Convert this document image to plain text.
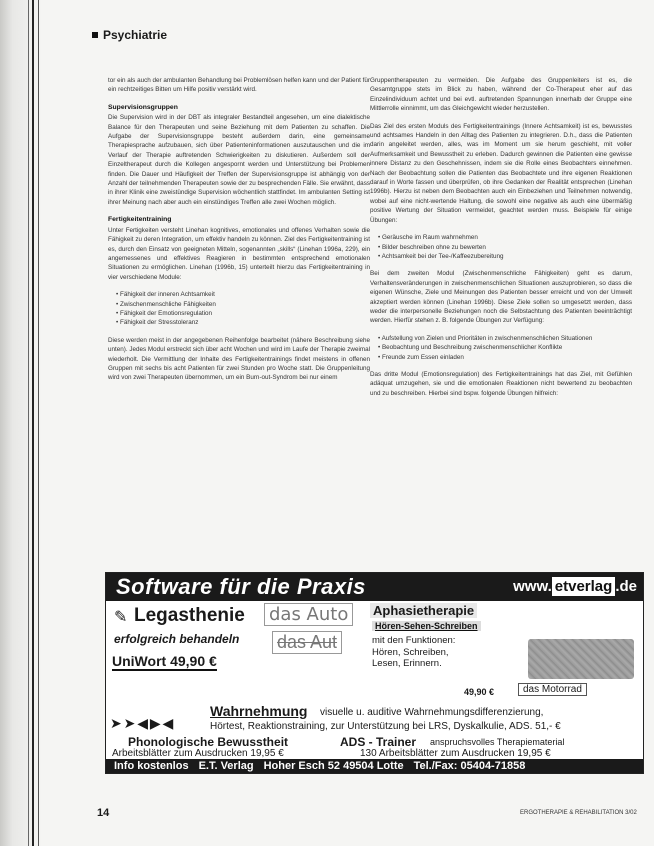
Psychiatrie

tor ein als auch der ambulanten Behandlung bei Problemlösen helfen kann und der Patient für ein rechtzeitiges Bitten um Hilfe positiv verstärkt wird.

Supervisionsgruppen

Die Supervision wird in der DBT als integraler Bestandteil angesehen, um eine dialektische Balance für den Therapeuten und seine Beziehung mit dem Patienten zu schaffen. Die Aufgabe der Supervisionsgruppe besteht außerdem darin, eine gemeinsame Therapiesprache aufzubauen, sich über Patienteninformationen auszutauschen und die im Verlauf der Therapie auftretenden Schwierigkeiten zu diskutieren. Außerdem soll der Einzeltherapeut durch die Kollegen angespornt werden und Unterstützung bei Problemen finden. Die Dauer und Häufigkeit der Treffen der Supervisionsgruppe ist abhängig von der Anzahl der teilnehmenden Therapeuten sowie der zu besprechenden Fälle. Sie erwähnt, dass in ihrer Klinik eine zweistündige Supervision wöchentlich stattfindet. Im ambulanten Setting ist ihrer Meinung nach aber auch ein einstündiges Treffen alle zwei Wochen möglich.

Fertigkeitentraining

Unter Fertigkeiten versteht Linehan kognitives, emotionales und offenes Verhalten sowie die Fähigkeit zu deren Integration, um effektiv handeln zu können. Ziel des Fertigkeitentraining ist es, durch den Einsatz von geeigneten Mitteln, sogenannten „skills“ (Linehan 1996a, 229), ein angemessenes und effektives Reagieren in bestimmten entsprechend emotionalen Situationen zu ermöglichen. Linehan (1996b, 15) unterteilt hierzu das Fertigkeitentraining in vier verschiedene Module:

• Fähigkeit der inneren Achtsamkeit
• Zwischenmenschliche Fähigkeiten
• Fähigkeit der Emotionsregulation
• Fähigkeit der Stresstoleranz

Diese werden meist in der angegebenen Reihenfolge bearbeitet (nähere Beschreibung siehe unten). Jedes Modul erstreckt sich über acht Wochen und wird im Laufe der Therapie zweimal wiederholt. Die Vermittlung der Inhalte des Fertigkeitentrainings findet meistens in offenen Gruppen mit sechs bis acht Patienten für zwei Stunden pro Woche statt. Die Gruppenleitung wird von zwei Therapeuten übernommen, um ein Burn-out-Syndrom bei nur einem

Gruppentherapeuten zu vermeiden. Die Aufgabe des Gruppenleiters ist es, die Gesamtgruppe stets im Blick zu haben, während der Co-Therapeut eher auf das Einzelindividuum achtet und bei evtl. auftretenden Spannungen innerhalb der Gruppe eine Mittlerrolle einnimmt, um das Gleichgewicht wieder herzustellen.

Das Ziel des ersten Moduls des Fertigkeitentrainings (Innere Achtsamkeit) ist es, bewusstes und achtsames Handeln in den Alltag des Patienten zu integrieren. D.h., dass die Patienten darin angeleitet werden, alles, was im Moment um sie herum geschieht, mit voller Aufmerksamkeit und Bewusstheit zu erleben. Dadurch gewinnen die Patienten eine gewisse innere Distanz zu den Geschehnissen, indem sie die Rolle eines Beobachters einnehmen. Nach der Beobachtung sollen die Patienten das Beobachtete und ihre eigenen Reaktionen darauf in Worte fassen und überprüfen, ob ihre Gedanken der Realität entsprechen (Linehan 1996b). Hierzu ist neben dem Beobachten auch ein Einbeziehen und Teilnehmen notwendig, wobei auf eine nicht-wertende Haltung, die sowohl eine negative als auch eine übermäßig positive Wertung der Situation vermeidet, geachtet werden muss. Beispiele für einige Übungen:

• Geräusche im Raum wahrnehmen
• Bilder beschreiben ohne zu bewerten
• Achtsamkeit bei der Tee-/Kaffeezubereitung

Bei dem zweiten Modul (Zwischenmenschliche Fähigkeiten) geht es darum, Verhaltensveränderungen in zwischenmenschlichen Situationen auszuprobieren, so dass die eigenen Wünsche, Ziele und Meinungen des Patienten besser erreicht und von der Umwelt akzeptiert werden können (Linehan 1996b). Diese Ziele sollen so umgesetzt werden, dass weder die interpersonelle Beziehungen noch die Selbstachtung des Patienten beeinträchtigt werden. Hierfür stehen z. B. folgende Übungen zur Verfügung:

• Aufstellung von Zielen und Prioritäten in zwischenmenschlichen Situationen
• Beobachtung und Beschreibung zwischenmenschlicher Konflikte
• Freunde zum Essen einladen

Das dritte Modul (Emotionsregulation) des Fertigkeitentrainings hat das Ziel, mit Gefühlen adäquat umzugehen, sie und die emotionalen Reaktionen nicht bewertend zu beobachten und zu beschreiben. Hierbei sind bspw. folgende Übungen hilfreich:

Software für die Praxis	www. etverlag .de
✎ Legasthenie
erfolgreich behandeln
UniWort 49,90 €
das Auto
das Aut
Aphasietherapie
Hören-Sehen-Schreiben
mit den Funktionen:
Hören, Schreiben,
Lesen, Erinnern.
49,90 €	das Motorrad
➤ ➤ ◀ ▶ ◀
Wahrnehmung visuelle u. auditive Wahrnehmungsdifferenzierung,
Hörtest, Reaktionstraining, zur Unterstützung bei LRS, Dyskalkulie, ADS. 51,- €
Phonologische Bewusstheit
Arbeitsblätter zum Ausdrucken 19,95 €
ADS - Trainer anspruchsvolles Therapiematerial
130 Arbeitsblätter zum Ausdrucken 19,95 €
Info kostenlos E.T. Verlag Hoher Esch 52 49504 Lotte Tel./Fax: 05404-71858
14	ERGOTHERAPIE & REHABILITATION 3/02
